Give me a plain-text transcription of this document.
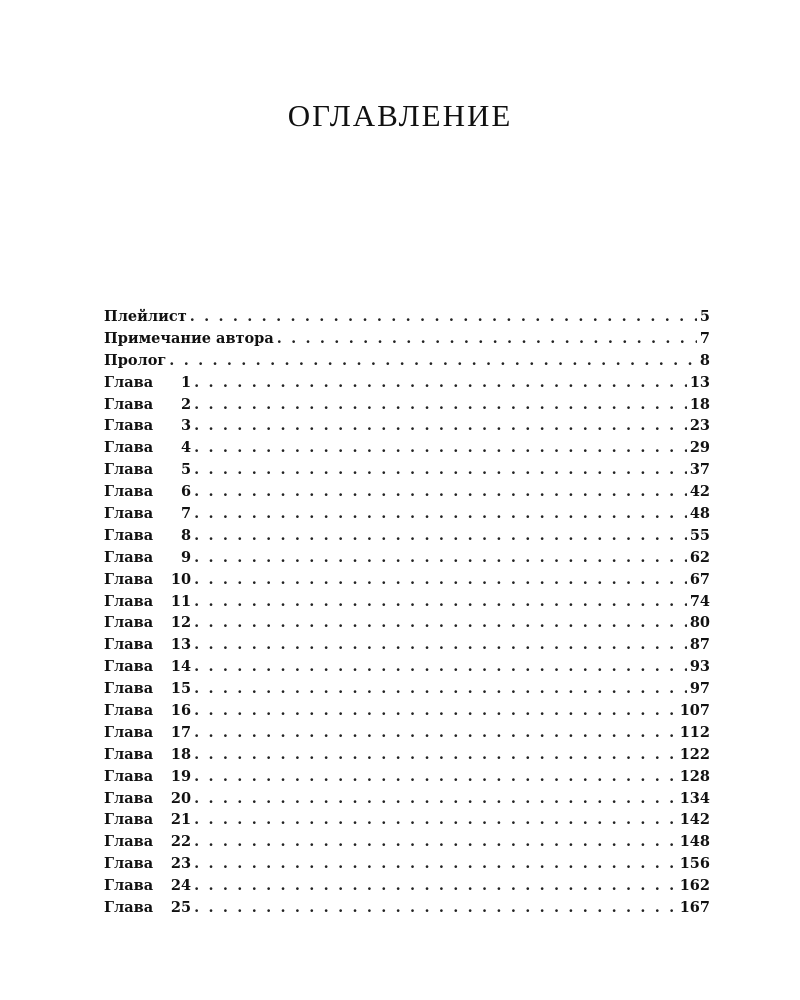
ОГЛАВЛЕНИЕ
Плейлист . . .	5
Примечание автора . . .	7
Пролог . . .	8
Глава 1 . . .	13
Глава 2 . . .	18
Глава 3 . . .	23
Глава 4 . . .	29
Глава 5 . . .	37
Глава 6 . . .	42
Глава 7 . . .	48
Глава 8 . . .	55
Глава 9 . . .	62
Глава 10 . . .	67
Глава 11 . . .	74
Глава 12 . . .	80
Глава 13 . . .	87
Глава 14 . . .	93
Глава 15 . . .	97
Глава 16 . . .	107
Глава 17 . . .	112
Глава 18 . . .	122
Глава 19 . . .	128
Глава 20 . . .	134
Глава 21 . . .	142
Глава 22 . . .	148
Глава 23 . . .	156
Глава 24 . . .	162
Глава 25 . . .	167
